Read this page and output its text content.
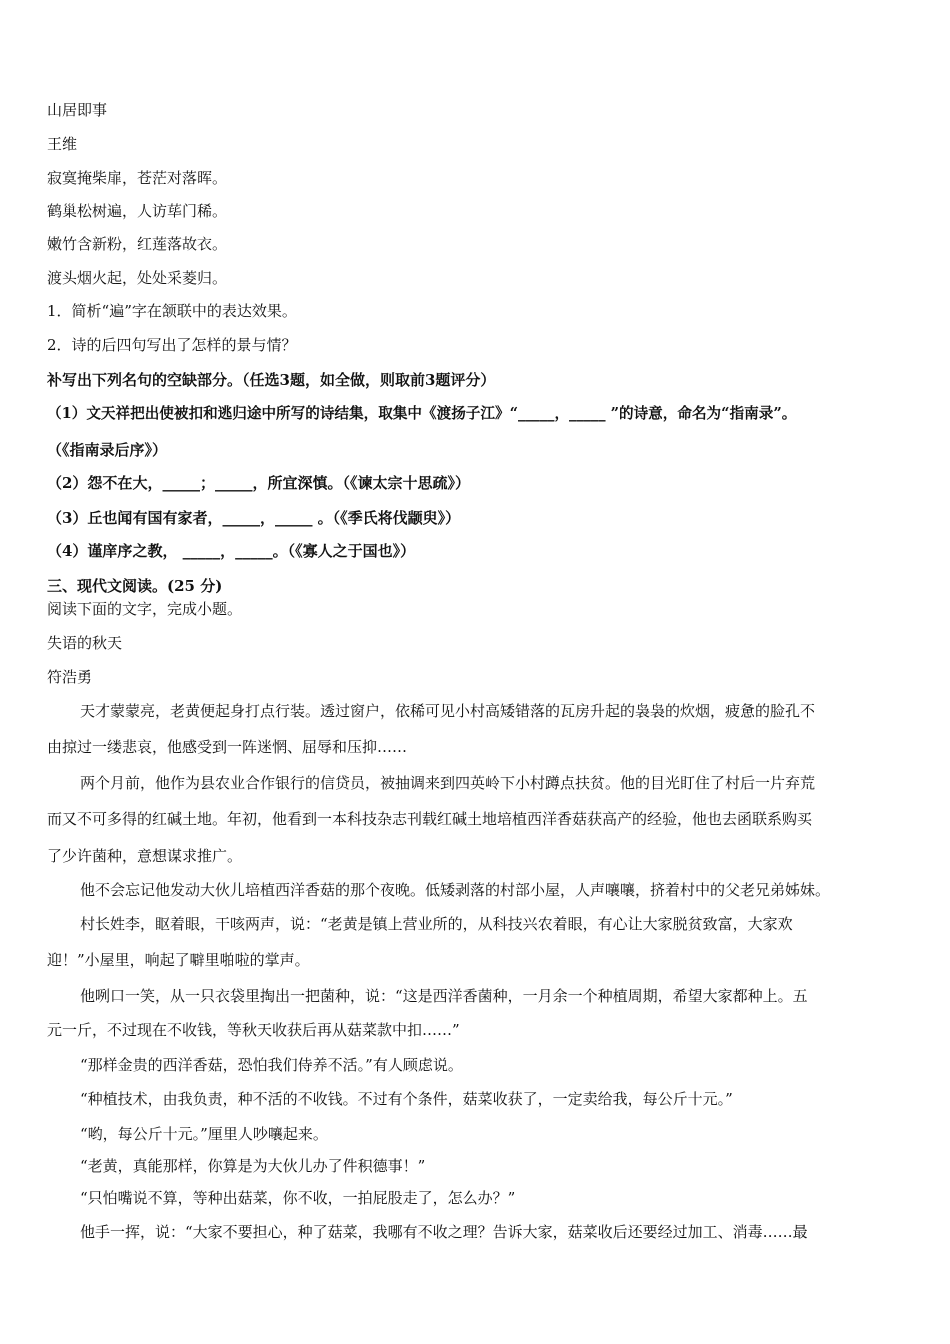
山居即事
王维
寂寞掩柴扉，苍茫对落晖。
鹤巢松树遍，人访荜门稀。
嫩竹含新粉，红莲落故衣。
渡头烟火起，处处采菱归。
1．简析“遍”字在颔联中的表达效果。
2．诗的后四句写出了怎样的景与情？
补写出下列名句的空缺部分。（任选3题，如全做，则取前3题评分）
（1）文天祥把出使被扣和逃归途中所写的诗结集，取集中《渡扬子江》“_____，_____ ”的诗意，命名为“指南录”。
（《指南录后序》）
（2）怨不在大，_____；_____，所宜深慎。（《谏太宗十思疏》）
（3）丘也闻有国有家者，_____，_____ 。（《季氏将伐颛臾》）
（4）谨庠序之教， _____，_____。（《寡人之于国也》）
三、现代文阅读。(25 分)
阅读下面的文字，完成小题。
失语的秋天
符浩勇
天才蒙蒙亮，老黄便起身打点行装。透过窗户，依稀可见小村高矮错落的瓦房升起的袅袅的炊烟，疲惫的脸孔不
由掠过一缕悲哀，他感受到一阵迷惘、屈辱和压抑……
两个月前，他作为县农业合作银行的信贷员，被抽调来到四英岭下小村蹲点扶贫。他的目光盯住了村后一片弃荒
而又不可多得的红碱土地。年初，他看到一本科技杂志刊载红碱土地培植西洋香菇获高产的经验，他也去函联系购买
了少许菌种，意想谋求推广。
他不会忘记他发动大伙儿培植西洋香菇的那个夜晚。低矮剥落的村部小屋，人声嚷嚷，挤着村中的父老兄弟姊妹。
村长姓李，眍着眼，干咳两声，说：“老黄是镇上营业所的，从科技兴农着眼，有心让大家脱贫致富，大家欢
迎！”小屋里，响起了噼里啪啦的掌声。
他咧口一笑，从一只衣袋里掏出一把菌种，说：“这是西洋香菌种，一月余一个种植周期，希望大家都种上。五
元一斤，不过现在不收钱，等秋天收获后再从菇菜款中扣……”
“那样金贵的西洋香菇，恐怕我们侍养不活。”有人顾虑说。
“种植技术，由我负责，种不活的不收钱。不过有个条件，菇菜收获了，一定卖给我，每公斤十元。”
“哟，每公斤十元。”厘里人吵嚷起来。
“老黄，真能那样，你算是为大伙儿办了件积德事！”
“只怕嘴说不算，等种出菇菜，你不收，一拍屁股走了，怎么办？”
他手一挥，说：“大家不要担心，种了菇菜，我哪有不收之理？告诉大家，菇菜收后还要经过加工、消毒……最
